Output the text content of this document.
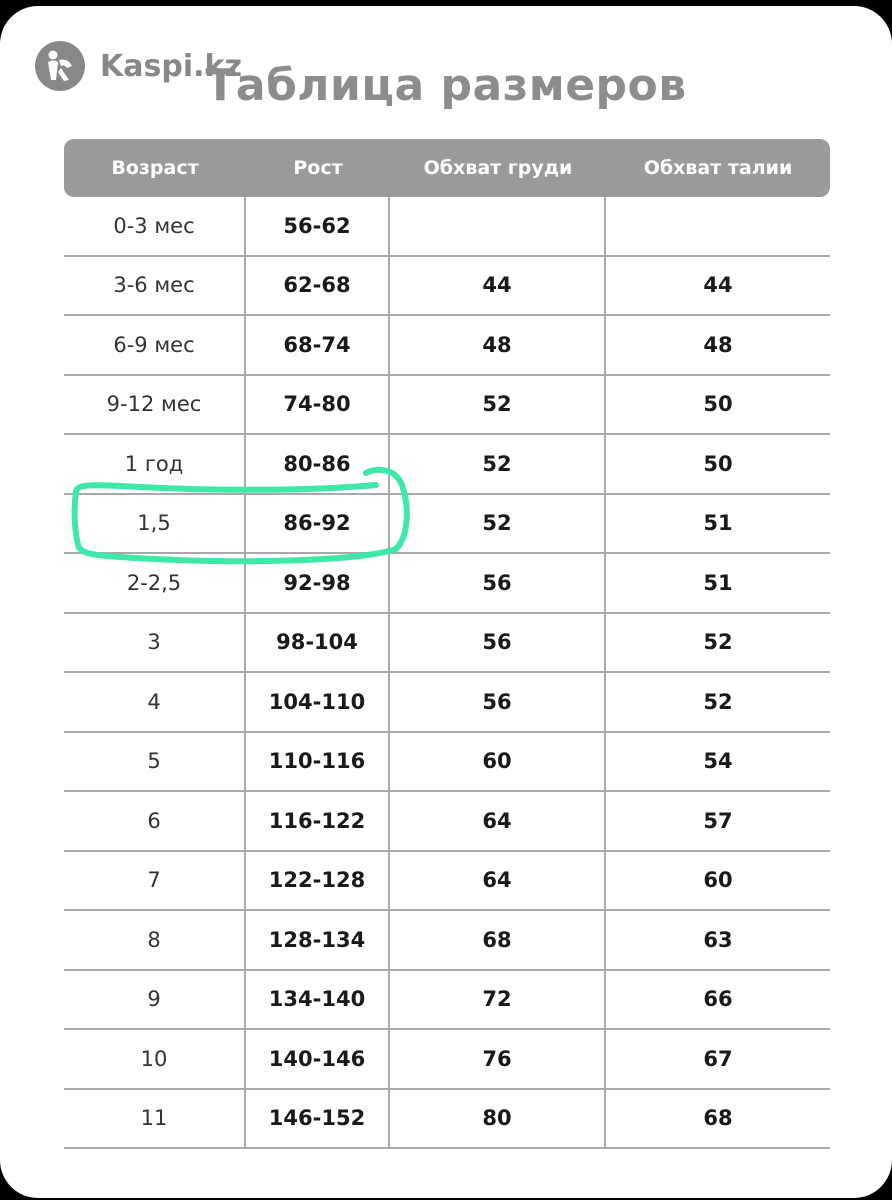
Kaspi.kz
Таблица размеров
Возраст	Рост	Обхват груди	Обхват талии
0-3 мес	56-62
3-6 мес	62-68	44	44
6-9 мес	68-74	48	48
9-12 мес	74-80	52	50
1 год	80-86	52	50
1,5	86-92	52	51
2-2,5	92-98	56	51
3	98-104	56	52
4	104-110	56	52
5	110-116	60	54
6	116-122	64	57
7	122-128	64	60
8	128-134	68	63
9	134-140	72	66
10	140-146	76	67
11	146-152	80	68
